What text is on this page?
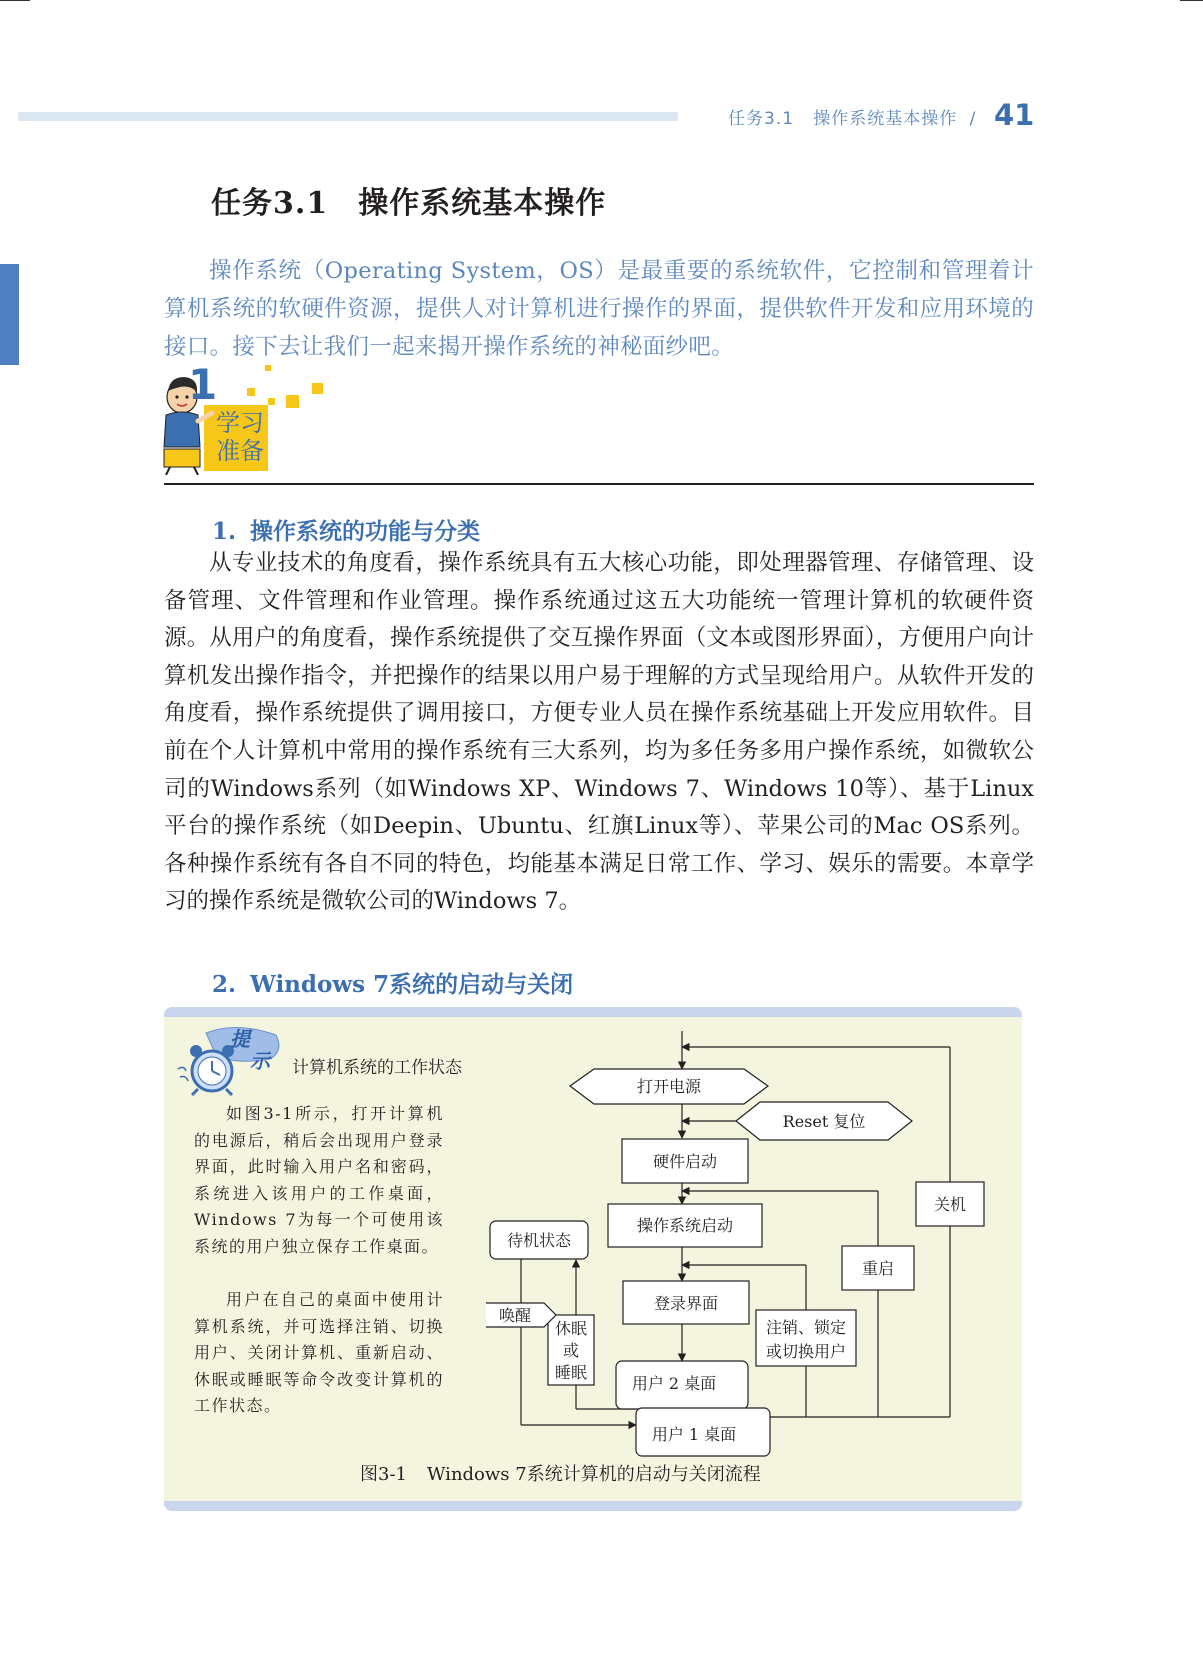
任务3.1 操作系统基本操作 / 41
任务3.1 操作系统基本操作
操作系统（Operating System，OS）是最重要的系统软件，它控制和管理着计算机系统的软硬件资源，提供人对计算机进行操作的界面，提供软件开发和应用环境的接口。接下去让我们一起来揭开操作系统的神秘面纱吧。
1
学习
准备
1. 操作系统的功能与分类
从专业技术的角度看，操作系统具有五大核心功能，即处理器管理、存储管理、设备管理、文件管理和作业管理。操作系统通过这五大功能统一管理计算机的软硬件资源。从用户的角度看，操作系统提供了交互操作界面（文本或图形界面），方便用户向计算机发出操作指令，并把操作的结果以用户易于理解的方式呈现给用户。从软件开发的角度看，操作系统提供了调用接口，方便专业人员在操作系统基础上开发应用软件。目前在个人计算机中常用的操作系统有三大系列，均为多任务多用户操作系统，如微软公司的Windows系列（如Windows XP、Windows 7、Windows 10等）、基于Linux平台的操作系统（如Deepin、Ubuntu、红旗Linux等）、苹果公司的Mac OS系列。各种操作系统有各自不同的特色，均能基本满足日常工作、学习、娱乐的需要。本章学习的操作系统是微软公司的Windows 7。
2. Windows 7系统的启动与关闭
提
示 计算机系统的工作状态
如图3-1所示，打开计算机的电源后，稍后会出现用户登录界面，此时输入用户名和密码，系统进入该用户的工作桌面，Windows 7为每一个可使用该系统的用户独立保存工作桌面。
用户在自己的桌面中使用计算机系统，并可选择注销、切换用户、关闭计算机、重新启动、休眠或睡眠等命令改变计算机的工作状态。
打开电源
Reset 复位
硬件启动
操作系统启动
待机状态
登录界面
休眠
或
睡眠
唤醒
注销、锁定
或切换用户
重启
关机
用户 2 桌面
用户 1 桌面
图3-1 Windows 7系统计算机的启动与关闭流程
